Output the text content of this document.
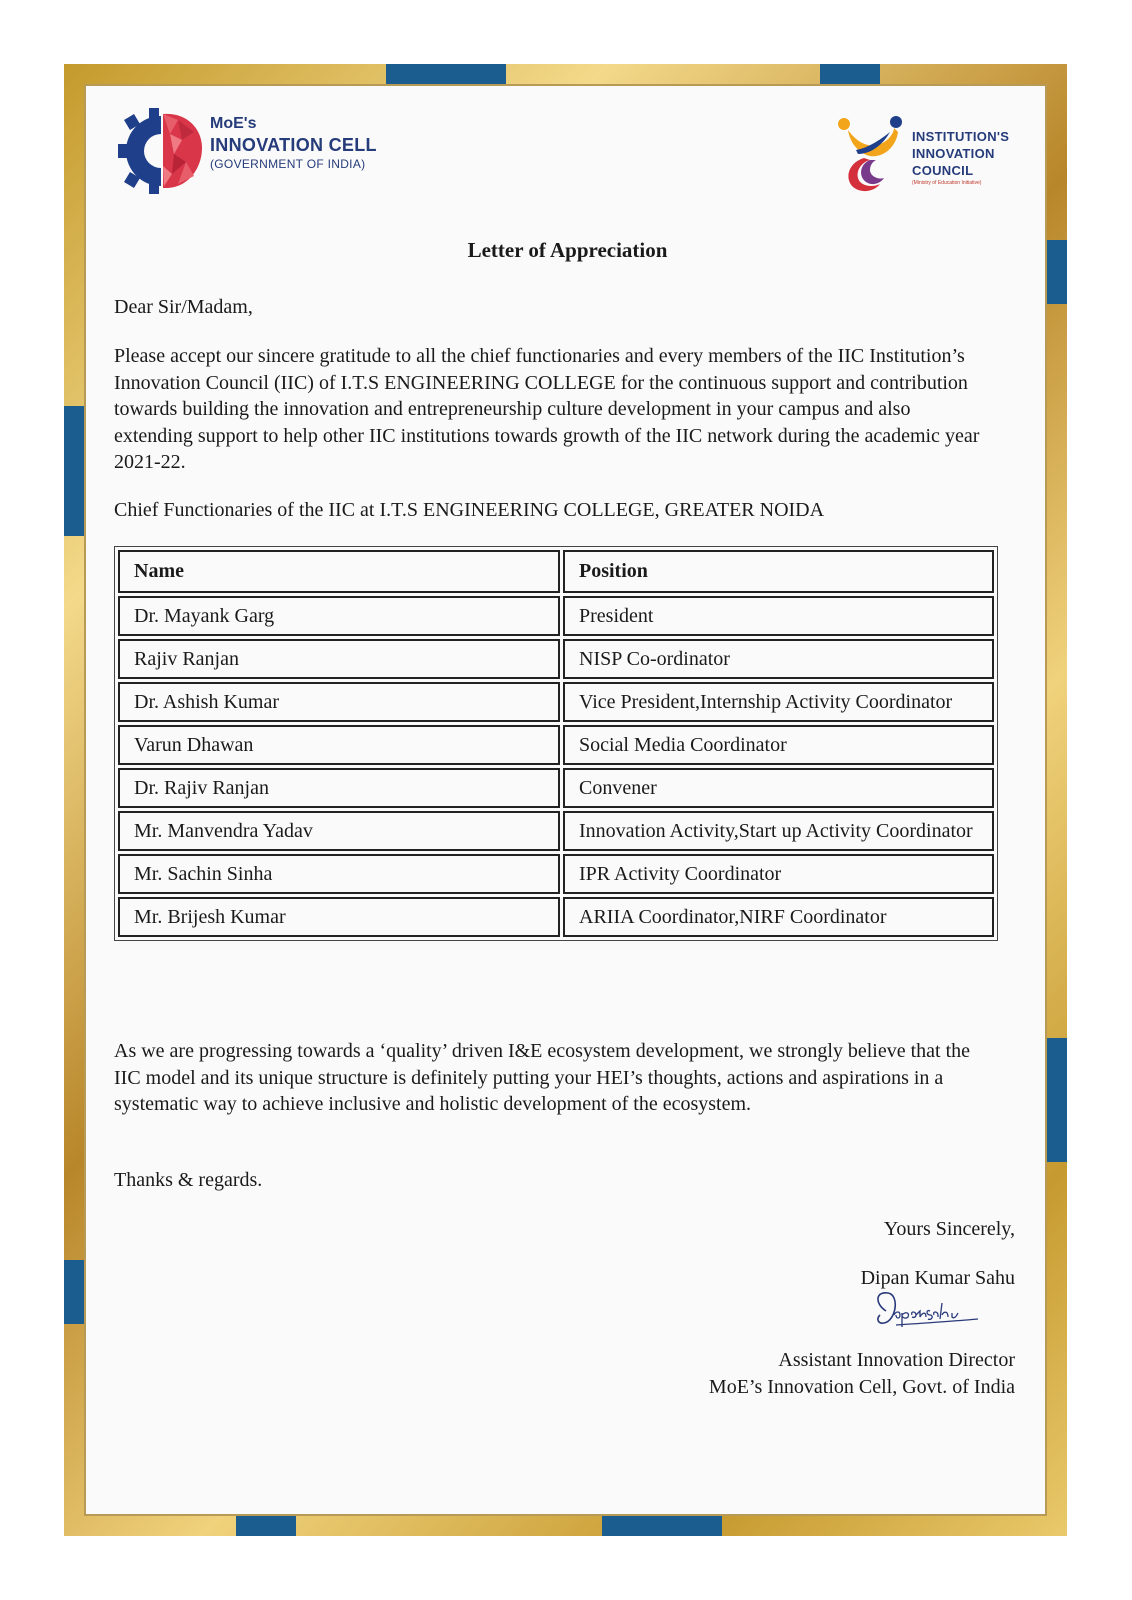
MoE's
INNOVATION CELL
(GOVERNMENT OF INDIA)
INSTITUTION'S
INNOVATION
COUNCIL
(Ministry of Education Initiative)
Letter of Appreciation
Dear Sir/Madam,
Please accept our sincere gratitude to all the chief functionaries and every members of the IIC Institution’s Innovation Council (IIC) of I.T.S ENGINEERING COLLEGE for the continuous support and contribution towards building the innovation and entrepreneurship culture development in your campus and also extending support to help other IIC institutions towards growth of the IIC network during the academic year 2021-22.
Chief Functionaries of the IIC at I.T.S ENGINEERING COLLEGE, GREATER NOIDA
Name	Position
Dr. Mayank Garg	President
Rajiv Ranjan	NISP Co-ordinator
Dr. Ashish Kumar	Vice President,Internship Activity Coordinator
Varun Dhawan	Social Media Coordinator
Dr. Rajiv Ranjan	Convener
Mr. Manvendra Yadav	Innovation Activity,Start up Activity Coordinator
Mr. Sachin Sinha	IPR Activity Coordinator
Mr. Brijesh Kumar	ARIIA Coordinator,NIRF Coordinator
As we are progressing towards a ‘quality’ driven I&E ecosystem development, we strongly believe that the IIC model and its unique structure is definitely putting your HEI’s thoughts, actions and aspirations in a systematic way to achieve inclusive and holistic development of the ecosystem.
Thanks & regards.
Yours Sincerely,
Dipan Kumar Sahu
Assistant Innovation Director
MoE’s Innovation Cell, Govt. of India
